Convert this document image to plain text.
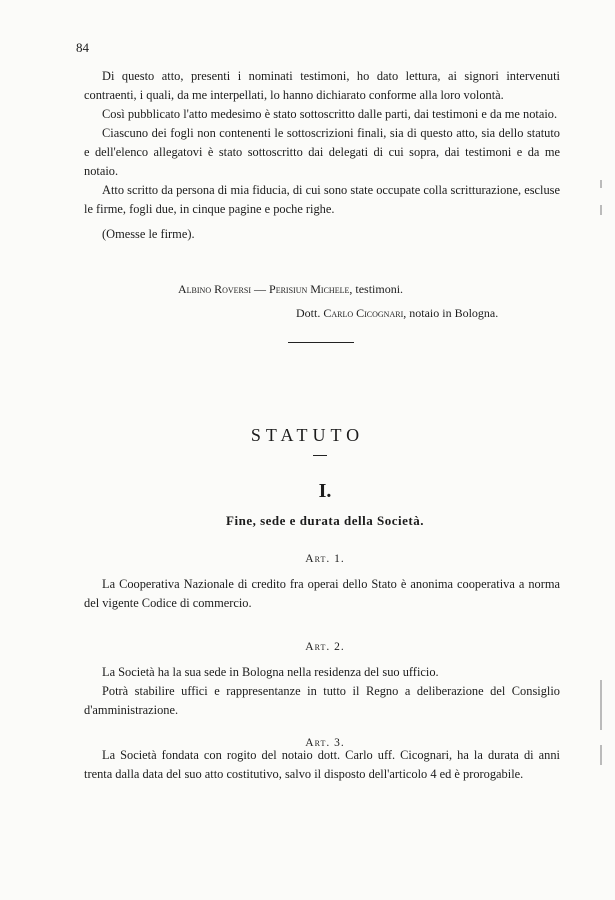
84

Di questo atto, presenti i nominati testimoni, ho dato lettura, ai signori intervenuti contraenti, i quali, da me interpellati, lo hanno dichiarato conforme alla loro volontà.

Così pubblicato l'atto medesimo è stato sottoscritto dalle parti, dai testimoni e da me notaio.

Ciascuno dei fogli non contenenti le sottoscrizioni finali, sia di questo atto, sia dello statuto e dell'elenco allegatovi è stato sottoscritto dai delegati di cui sopra, dai testimoni e da me notaio.

Atto scritto da persona di mia fiducia, di cui sono state occupate colla scritturazione, escluse le firme, fogli due, in cinque pagine e poche righe.

(Omesse le firme).

Albino Roversi — Perisiun Michele, testimoni.
Dott. Carlo Cicognari, notaio in Bologna.
STATUTO
I.
Fine, sede e durata della Società.
Art. 1.

La Cooperativa Nazionale di credito fra operai dello Stato è anonima cooperativa a norma del vigente Codice di commercio.

Art. 2.

La Società ha la sua sede in Bologna nella residenza del suo ufficio.

Potrà stabilire uffici e rappresentanze in tutto il Regno a deliberazione del Consiglio d'amministrazione.

Art. 3.

La Società fondata con rogito del notaio dott. Carlo uff. Cicognari, ha la durata di anni trenta dalla data del suo atto costitutivo, salvo il disposto dell'articolo 4 ed è prorogabile.
